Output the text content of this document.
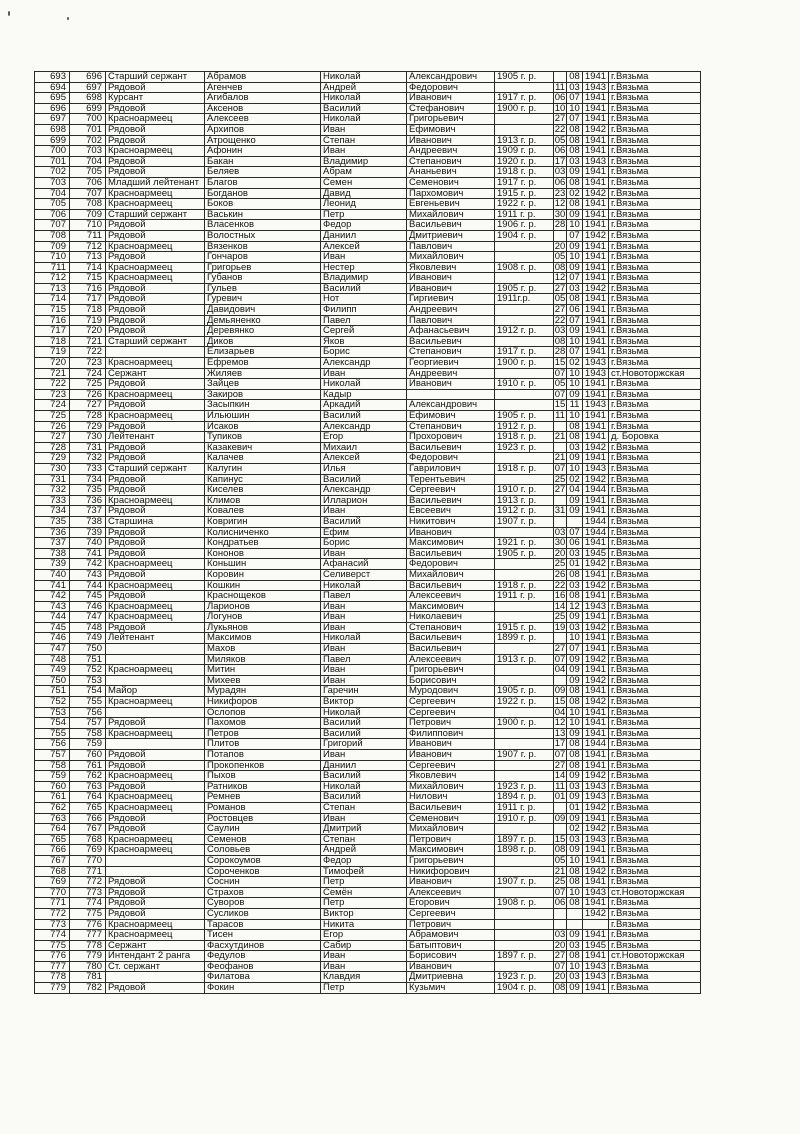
693	696	Старший сержант	Абрамов	Николай	Александрович	1905 г. р.		08	1941	г.Вязьма
694	697	Рядовой	Агенчев	Андрей	Федорович		11	03	1943	г.Вязьма
695	698	Курсант	Агибалов	Николай	Иванович	1917 г. р.	06	07	1941	г.Вязьма
696	699	Рядовой	Аксенов	Василий	Стефанович	1900 г. р.	10	10	1941	г.Вязьма
697	700	Красноармеец	Алексеев	Николай	Григорьевич		27	07	1941	г.Вязьма
698	701	Рядовой	Архипов	Иван	Ефимович		22	08	1942	г.Вязьма
699	702	Рядовой	Атрощенко	Степан	Иванович	1913 г. р.	05	08	1941	г.Вязьма
700	703	Красноармеец	Афонин	Иван	Андреевич	1909 г. р.	06	08	1941	г.Вязьма
701	704	Рядовой	Бакан	Владимир	Степанович	1920 г. р.	17	03	1943	г.Вязьма
702	705	Рядовой	Беляев	Абрам	Ананьевич	1918 г. р.	03	09	1941	г.Вязьма
703	706	Младший лейтенант	Благов	Семен	Семенович	1917 г. р.	06	08	1941	г.Вязьма
704	707	Красноармеец	Богданов	Давид	Пархомович	1915 г. р.	23	02	1942	г.Вязьма
705	708	Красноармеец	Боков	Леонид	Евгеньевич	1922 г. р.	12	08	1941	г.Вязьма
706	709	Старший сержант	Васькин	Петр	Михайлович	1911 г. р.	30	09	1941	г.Вязьма
707	710	Рядовой	Власенков	Федор	Васильевич	1906 г. р.	28	10	1941	г.Вязьма
708	711	Рядовой	Волостных	Даниил	Дмитриевич	1904 г. р.		07	1942	г.Вязьма
709	712	Красноармеец	Вязенков	Алексей	Павлович		20	09	1941	г.Вязьма
710	713	Рядовой	Гончаров	Иван	Михайлович		05	10	1941	г.Вязьма
711	714	Красноармеец	Григорьев	Нестер	Яковлевич	1908 г. р.	08	09	1941	г.Вязьма
712	715	Красноармеец	Губанов	Владимир	Иванович		12	07	1941	г.Вязьма
713	716	Рядовой	Гульев	Василий	Иванович	1905 г. р.	27	03	1942	г.Вязьма
714	717	Рядовой	Гуревич	Нот	Гиргиевич	1911г.р.	05	08	1941	г.Вязьма
715	718	Рядовой	Давидович	Филипп	Андреевич		27	06	1941	г.Вязьма
716	719	Рядовой	Демьяненко	Павел	Павлович		22	07	1941	г.Вязьма
717	720	Рядовой	Деревянко	Сергей	Афанасьевич	1912 г. р.	03	09	1941	г.Вязьма
718	721	Старший сержант	Диков	Яков	Васильевич		08	10	1941	г.Вязьма
719	722		Елизарьев	Борис	Степанович	1917 г. р.	28	07	1941	г.Вязьма
720	723	Красноармеец	Ефремов	Александр	Георгиевич	1900 г. р.	15	02	1943	г.Вязьма
721	724	Сержант	Жиляев	Иван	Андреевич		07	10	1943	ст.Новоторжская
722	725	Рядовой	Зайцев	Николай	Иванович	1910 г. р.	05	10	1941	г.Вязьма
723	726	Красноармеец	Закиров	Кадыр			07	09	1941	г.Вязьма
724	727	Рядовой	Засыпкин	Аркадий	Александрович		15	11	1943	г.Вязьма
725	728	Красноармеец	Ильюшин	Василий	Ефимович	1905 г. р.	11	10	1941	г.Вязьма
726	729	Рядовой	Исаков	Александр	Степанович	1912 г. р.		08	1941	г.Вязьма
727	730	Лейтенант	Тупиков	Егор	Прохорович	1918 г. р.	21	08	1941	д. Боровка
728	731	Рядовой	Казакевич	Михаил	Васильевич	1923 г. р.		03	1942	г.Вязьма
729	732	Рядовой	Калачев	Алексей	Федорович		21	09	1941	г.Вязьма
730	733	Старший сержант	Калугин	Илья	Гаврилович	1918 г. р.	07	10	1943	г.Вязьма
731	734	Рядовой	Капинус	Василий	Терентьевич		25	02	1942	г.Вязьма
732	735	Рядовой	Киселев	Александр	Сергеевич	1910 г. р.	27	04	1944	г.Вязьма
733	736	Красноармеец	Климов	Илларион	Васильевич	1913 г. р.		09	1941	г.Вязьма
734	737	Рядовой	Ковалев	Иван	Евсеевич	1912 г. р.	31	09	1941	г.Вязьма
735	738	Старшина	Ковригин	Василий	Никитович	1907 г. р.			1944	г.Вязьма
736	739	Рядовой	Колисниченко	Ефим	Иванович		03	07	1944	г.Вязьма
737	740	Рядовой	Кондратьев	Борис	Максимович	1921 г. р.	30	06	1941	г.Вязьма
738	741	Рядовой	Кононов	Иван	Васильевич	1905 г. р.	20	03	1945	г.Вязьма
739	742	Красноармеец	Коньшин	Афанасий	Федорович		25	01	1942	г.Вязьма
740	743	Рядовой	Коровин	Селиверст	Михайлович		26	08	1941	г.Вязьма
741	744	Красноармеец	Кошкин	Николай	Васильевич	1918 г. р.	22	03	1942	г.Вязьма
742	745	Рядовой	Краснощеков	Павел	Алексеевич	1911 г. р.	16	08	1941	г.Вязьма
743	746	Красноармеец	Ларионов	Иван	Максимович		14	12	1943	г.Вязьма
744	747	Красноармеец	Логунов	Иван	Николаевич		25	09	1941	г.Вязьма
745	748	Рядовой	Лукьянов	Иван	Степанович	1915 г. р.	19	03	1942	г.Вязьма
746	749	Лейтенант	Максимов	Николай	Васильевич	1899 г. р.		10	1941	г.Вязьма
747	750		Махов	Иван	Васильевич		27	07	1941	г.Вязьма
748	751		Миляков	Павел	Алексеевич	1913 г. р.	07	09	1942	г.Вязьма
749	752	Красноармеец	Митин	Иван	Григорьевич		04	09	1941	г.Вязьма
750	753		Михеев	Иван	Борисович			09	1942	г.Вязьма
751	754	Майор	Мурадян	Гаречин	Муродович	1905 г. р.	09	08	1941	г.Вязьма
752	755	Красноармеец	Никифоров	Виктор	Сергеевич	1922 г. р.	15	08	1942	г.Вязьма
753	756		Ослопов	Николай	Сергеевич		04	10	1941	г.Вязьма
754	757	Рядовой	Пахомов	Василий	Петрович	1900 г. р.	12	10	1941	г.Вязьма
755	758	Красноармеец	Петров	Василий	Филиппович		13	09	1941	г.Вязьма
756	759		Плитов	Григорий	Иванович		17	08	1944	г.Вязьма
757	760	Рядовой	Потапов	Иван	Иванович	1907 г. р.	07	08	1941	г.Вязьма
758	761	Рядовой	Прокопенков	Даниил	Сергеевич		27	08	1941	г.Вязьма
759	762	Красноармеец	Пыхов	Василий	Яковлевич		14	09	1942	г.Вязьма
760	763	Рядовой	Ратников	Николай	Михайлович	1923 г. р.	11	03	1943	г.Вязьма
761	764	Красноармеец	Ремнев	Василий	Нилович	1894 г. р.	01	09	1943	г.Вязьма
762	765	Красноармеец	Романов	Степан	Васильевич	1911 г. р.		01	1942	г.Вязьма
763	766	Рядовой	Ростовцев	Иван	Семенович	1910 г. р.	09	09	1941	г.Вязьма
764	767	Рядовой	Саулин	Дмитрий	Михайлович			02	1942	г.Вязьма
765	768	Красноармеец	Семенов	Степан	Петрович	1897 г. р.	15	03	1943	г.Вязьма
766	769	Красноармеец	Соловьев	Андрей	Максимович	1898 г. р.	08	09	1941	г.Вязьма
767	770		Сорокоумов	Федор	Григорьевич		05	10	1941	г.Вязьма
768	771		Сороченков	Тимофей	Никифорович		21	08	1942	г.Вязьма
769	772	Рядовой	Соснин	Петр	Иванович	1907 г. р.	25	08	1941	г.Вязьма
770	773	Рядовой	Страхов	Семён	Алексеевич		07	10	1943	ст.Новоторжская
771	774	Рядовой	Суворов	Петр	Егорович	1908 г. р.	06	08	1941	г.Вязьма
772	775	Рядовой	Сусликов	Виктор	Сергеевич				1942	г.Вязьма
773	776	Красноармеец	Тарасов	Никита	Петрович					г.Вязьма
774	777	Красноармеец	Тисен	Егор	Абрамович		03	09	1941	г.Вязьма
775	778	Сержант	Фасхутдинов	Сабир	Батыптович		20	03	1945	г.Вязьма
776	779	Интендант 2 ранга	Федулов	Иван	Борисович	1897 г. р.	27	08	1941	ст.Новоторжская
777	780	Ст. сержант	Феофанов	Иван	Иванович		07	10	1943	г.Вязьма
778	781		Филатова	Клавдия	Дмитриевна	1923 г. р.	20	03	1943	г.Вязьма
779	782	Рядовой	Фокин	Петр	Кузьмич	1904 г. р.	08	09	1941	г.Вязьма
